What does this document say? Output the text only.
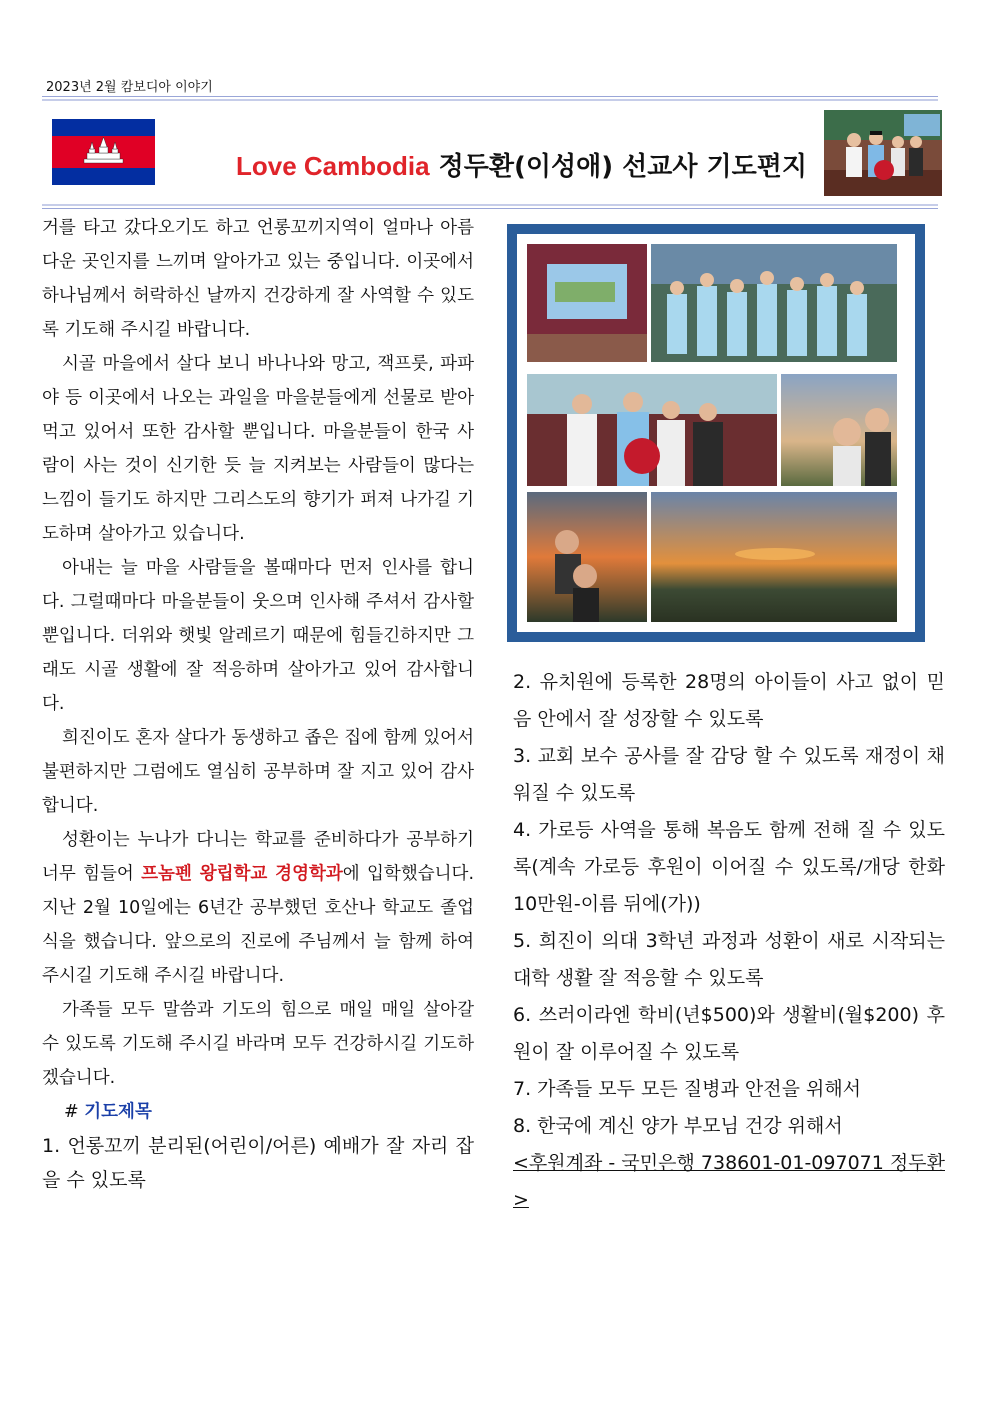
2023년 2월 캄보디아 이야기
Love Cambodia 정두환(이성애) 선교사 기도편지

거를 타고 갔다오기도 하고 언롱꼬끼지역이 얼마나 아름다운 곳인지를 느끼며 알아가고 있는 중입니다. 이곳에서 하나님께서 허락하신 날까지 건강하게 잘 사역할 수 있도록 기도해 주시길 바랍니다.

시골 마을에서 살다 보니 바나나와 망고, 잭프룻, 파파야 등 이곳에서 나오는 과일을 마을분들에게 선물로 받아먹고 있어서 또한 감사할 뿐입니다. 마을분들이 한국 사람이 사는 것이 신기한 듯 늘 지켜보는 사람들이 많다는 느낌이 들기도 하지만 그리스도의 향기가 퍼져 나가길 기도하며 살아가고 있습니다.

아내는 늘 마을 사람들을 볼때마다 먼저 인사를 합니다. 그럴때마다 마을분들이 웃으며 인사해 주셔서 감사할 뿐입니다. 더위와 햇빛 알레르기 때문에 힘들긴하지만 그래도 시골 생활에 잘 적응하며 살아가고 있어 감사합니다.

희진이도 혼자 살다가 동생하고 좁은 집에 함께 있어서 불편하지만 그럼에도 열심히 공부하며 잘 지고 있어 감사합니다.

성환이는 누나가 다니는 학교를 준비하다가 공부하기 너무 힘들어 프놈펜 왕립학교 경영학과에 입학했습니다. 지난 2월 10일에는 6년간 공부했던 호산나 학교도 졸업식을 했습니다. 앞으로의 진로에 주님께서 늘 함께 하여 주시길 기도해 주시길 바랍니다.

가족들 모두 말씀과 기도의 힘으로 매일 매일 살아갈 수 있도록 기도해 주시길 바라며 모두 건강하시길 기도하겠습니다.

# 기도제목

1. 언롱꼬끼 분리된(어린이/어른) 예배가 잘 자리 잡을 수 있도록

2. 유치원에 등록한 28명의 아이들이 사고 없이 믿음 안에서 잘 성장할 수 있도록

3. 교회 보수 공사를 잘 감당 할 수 있도록 재정이 채워질 수 있도록

4. 가로등 사역을 통해 복음도 함께 전해 질 수 있도록(계속 가로등 후원이 이어질 수 있도록/개당 한화 10만원-이름 뒤에(가))

5. 희진이 의대 3학년 과정과 성환이 새로 시작되는 대학 생활 잘 적응할 수 있도록

6. 쓰러이라엔 학비(년$500)와 생활비(월$200) 후원이 잘 이루어질 수 있도록

7. 가족들 모두 모든 질병과 안전을 위해서

8. 한국에 계신 양가 부모님 건강 위해서

<후원계좌 - 국민은행 738601-01-097071 정두환>
